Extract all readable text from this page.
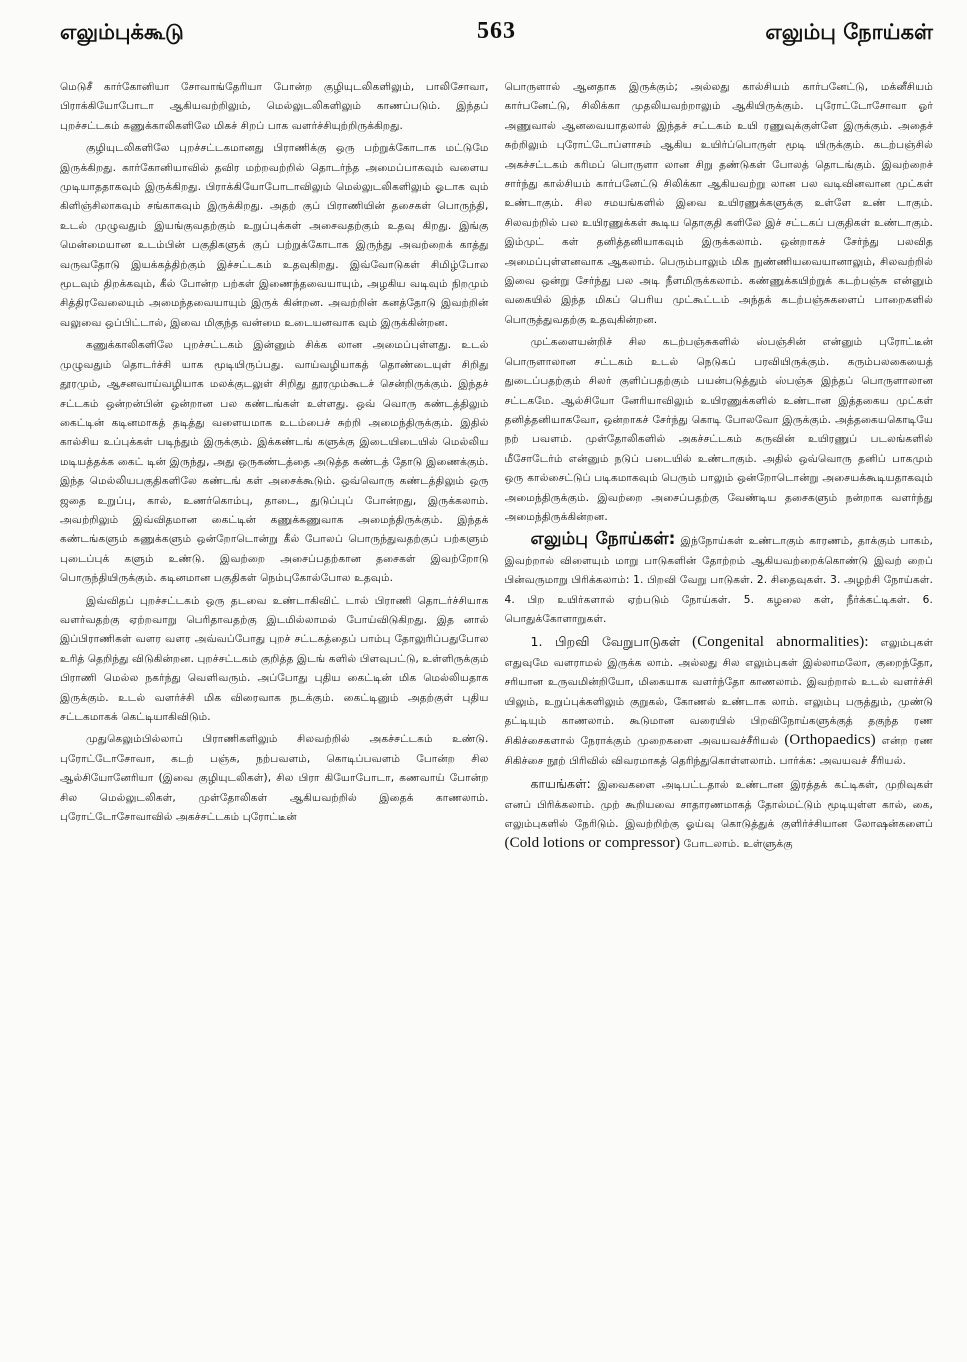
எலும்புக்கூடு	563	எலும்பு நோய்கள்

மெடுசீ கார்கோனியா சோவாங்தேரியா போன்ற குழியுடலிகளிலும், பாலிசோவா, பிராக்கியோபோடா ஆகியவற்றிலும், மெல்லுடலிகளிலும் காணப்படும். இந்தப் புறச்சட்டகம் கணுக்காலிகளிலே மிகச் சிறப் பாக வளர்ச்சியுற்றிருக்கிறது.

குழியுடலிகளிலே புறச்சட்டகமானது பிராணிக்கு ஒரு பற்றுக்கோடாக மட்டுமே இருக்கிறது. கார்கோனியாவில் தவிர மற்றவற்றில் தொடர்ந்த அமைப்பாகவும் வளைய முடியாததாகவும் இருக்கிறது. பிராக்கியோபோடாவிலும் மெல்லுடலிகளிலும் ஓடாக வும் கிளிஞ்சிலாகவும் சங்காகவும் இருக்கிறது. அதற் குப் பிராணியின் தசைகள் பொருந்தி, உடல் முழுவதும் இயங்குவதற்கும் உறுப்புக்கள் அசைவதற்கும் உதவு கிறது. இங்கு மென்மையான உடம்பின் பகுதிகளுக் குப் பற்றுக்கோடாக இருந்து அவற்றைக் காத்து வருவதோடு இயக்கத்திற்கும் இச்சட்டகம் உதவுகிறது. இவ்வோடுகள் சிமிழ்போல மூடவும் திறக்கவும், கீல் போன்ற பற்கள் இணைந்தவையாயும், அழகிய வடிவும் நிறமும் சித்திரவேலையும் அமைந்தவையாயும் இருக் கின்றன. அவற்றின் கனத்தோடு இவற்றின் வலுவை ஒப்பிட்டால், இவை மிகுந்த வன்மை உடையனவாக வும் இருக்கின்றன.

கணுக்காலிகளிலே புறச்சட்டகம் இன்னும் சிக்க லான அமைப்புள்ளது. உடல் முழுவதும் தொடர்ச்சி யாக மூடியிருப்பது. வாய்வழியாகத் தொண்டையுள் சிறிது தூரமும், ஆசனவாய்வழியாக மலக்குடலுள் சிறிது தூரமும்கூடச் சென்றிருக்கும். இந்தச் சட்டகம் ஒன்றன்பின் ஒன்றான பல கண்டங்கள் உள்ளது. ஒவ் வொரு கண்டத்திலும் கைட்டின் கடினமாகத் தடித்து வளையமாக உடம்பைச் சுற்றி அமைந்திருக்கும். இதில் கால்சிய உப்புக்கள் படிந்தும் இருக்கும். இக்கண்டங் களுக்கு இடையிடையில் மெல்லிய மடியத்தக்க கைட் டின் இருந்து, அது ஒருகண்டத்தை அடுத்த கண்டத் தோடு இணைக்கும். இந்த மெல்லியபகுதிகளிலே கண்டங் கள் அசைக்கூடும். ஒவ்வொரு கண்டத்திலும் ஒரு ஜதை உறுப்பு, கால், உணர்கொம்பு, தாடை, துடுப்புப் போன்றது, இருக்கலாம். அவற்றிலும் இவ்விதமான கைட்டின் கணுக்கணுவாக அமைந்திருக்கும். இந்தக் கண்டங்களும் கணுக்களும் ஒன்றோடொன்று கீல் போலப் பொருந்துவதற்குப் பற்களும் புடைப்புக் களும் உண்டு. இவற்றை அசைப்பதற்கான தசைகள் இவற்றோடு பொருந்தியிருக்கும். கடினமான பகுதிகள் நெம்புகோல்போல உதவும்.

இவ்விதப் புறச்சட்டகம் ஒரு தடவை உண்டாகிவிட் டால் பிராணி தொடர்ச்சியாக வளர்வதற்கு ஏற்றவாறு பெரிதாவதற்கு இடமில்லாமல் போய்விடுகிறது. இத னால் இப்பிராணிகள் வளர வளர அவ்வப்போது புறச் சட்டகத்தைப் பாம்பு தோலுரிப்பதுபோல உரித் தெறிந்து விடுகின்றன. புறச்சட்டகம் குறித்த இடங் களில் பிளவுபட்டு, உள்ளிருக்கும் பிராணி மெல்ல நகர்ந்து வெளிவரும். அப்போது புதிய கைட்டின் மிக மெல்லியதாக இருக்கும். உடல் வளர்ச்சி மிக விரைவாக நடக்கும். கைட்டினும் அதற்குள் புதிய சட்டகமாகக் கெட்டியாகிவிடும்.

முதுகெலும்பில்லாப் பிராணிகளிலும் சிலவற்றில் அகச்சட்டகம் உண்டு. புரோட்டோசோவா, கடற் பஞ்சு, நற்பவளம், கொடிப்பவளம் போன்ற சில ஆல்சியோனேரியா (இவை குழியுடலிகள்), சில பிரா கியோபோடா, கணவாய் போன்ற சில மெல்லுடலிகள், முள்தோலிகள் ஆகியவற்றில் இதைக் காணலாம். புரோட்டோசோவாவில் அகச்சட்டகம் புரோட்டீன்

பொருளால் ஆனதாக இருக்கும்; அல்லது கால்சியம் கார்பனேட்டு, மக்னீசியம் கார்பனேட்டு, சிலிக்கா முதலியவற்றாலும் ஆகியிருக்கும். புரோட்டோசோவா ஓர் அணுவால் ஆனவையாதலால் இந்தச் சட்டகம் உயி ரணுவுக்குள்ளே இருக்கும். அதைச் சுற்றிலும் புரோட்டோப்ளாசம் ஆகிய உயிர்ப்பொருள் மூடி யிருக்கும். கடற்பஞ்சில் அகச்சட்டகம் கரிமப் பொருளா லான சிறு தண்டுகள் போலத் தொடங்கும். இவற்றைச் சார்ந்து கால்சியம் கார்பனேட்டு சிலிக்கா ஆகியவற்று லான பல வடிவினவான முட்கள் உண்டாகும். சில சமயங்களில் இவை உயிரணுக்களுக்கு உள்ளே உண் டாகும். சிலவற்றில் பல உயிரணுக்கள் கூடிய தொகுதி களிலே இச் சட்டகப் பகுதிகள் உண்டாகும். இம்முட் கள் தனித்தனியாகவும் இருக்கலாம். ஒன்றாகச் சேர்ந்து பலவித அமைப்புள்ளனவாக ஆகலாம். பெரும்பாலும் மிக நுண்ணியவையானாலும், சிலவற்றில் இவை ஒன்று சேர்ந்து பல அடி நீளமிருக்கலாம். கண்ணுக்கயிற்றுக் கடற்பஞ்சு என்னும் வகையில் இந்த மிகப் பெரிய முட்கூட்டம் அந்தக் கடற்பஞ்சுகளைப் பாறைகளில் பொருத்துவதற்கு உதவுகின்றன.

முட்களையன்றிச் சில கடற்பஞ்சுகளில் ஸ்பஞ்சின் என்னும் புரோட்டீன் பொருளாலான சட்டகம் உடல் நெடுகப் பரவியிருக்கும். கரும்பலகையைத் துடைப்பதற்கும் சிலர் குளிப்பதற்கும் பயன்படுத்தும் ஸ்பஞ்சு இந்தப் பொருளாலான சட்டகமே. ஆல்சியோ னேரியாவிலும் உயிரணுக்களில் உண்டான இத்தகைய முட்கள் தனித்தனியாகவோ, ஒன்றாகச் சேர்ந்து கொடி போலவோ இருக்கும். அத்தகையகொடியே நற் பவளம். முள்தோலிகளில் அகச்சட்டகம் கருவின் உயிரணுப் படலங்களில் மீசோடேர்ம் என்னும் நடுப் படையில் உண்டாகும். அதில் ஒவ்வொரு தனிப் பாகமும் ஒரு கால்சைட்டுப் படிகமாகவும் பெரும் பாலும் ஒன்றோடொன்று அசையக்கூடியதாகவும் அமைந்திருக்கும். இவற்றை அசைப்பதற்கு வேண்டிய தசைகளும் நன்றாக வளர்ந்து அமைந்திருக்கின்றன.

எலும்பு நோய்கள்: இந்நோய்கள் உண்டாகும் காரணம், தாக்கும் பாகம், இவற்றால் விளையும் மாறு பாடுகளின் தோற்றம் ஆகியவற்றைக்கொண்டு இவற் றைப் பின்வருமாறு பிரிக்கலாம்: 1. பிறவி வேறு பாடுகள். 2. சிதைவுகள். 3. அழற்சி நோய்கள். 4. பிற உயிர்களால் ஏற்படும் நோய்கள். 5. கழலை கள், நீர்க்கட்டிகள். 6. பொதுக்கோளாறுகள்.

1. பிறவி வேறுபாடுகள் (Congenital abnormalities): எலும்புகள் எதுவுமே வளராமல் இருக்க லாம். அல்லது சில எலும்புகள் இல்லாமலோ, குறைந்தோ, சரியான உருவமின்றியோ, மிகையாக வளர்ந்தோ காணலாம். இவற்றால் உடல் வளர்ச்சி யிலும், உறுப்புக்களிலும் குறுகல், கோணல் உண்டாக லாம். எலும்பு பருத்தும், முண்டு தட்டியும் காணலாம். கூடுமான வரையில் பிறவிநோய்களுக்குத் தகுந்த ரண சிகிச்சைகளால் நேராக்கும் முறைகளை அவயவச்சீரியல் (Orthopaedics) என்ற ரண சிகிச்சை நூற் பிரிவில் விவரமாகத் தெரிந்துகொள்ளலாம். பார்க்க: அவயவச் சீரியல்.

காயங்கள்: இவைகளை அடிபட்டதால் உண்டான இரத்தக் கட்டிகள், முறிவுகள் எனப் பிரிக்கலாம். முற் கூறியவை சாதாரணமாகத் தோல்மட்டும் மூடியுள்ள கால், கை, எலும்புகளில் நேரிடும். இவற்றிற்கு ஓய்வு கொடுத்துக் குளிர்ச்சியான லோஷன்களைப் (Cold lotions or compressor) போடலாம். உள்ளுக்கு
